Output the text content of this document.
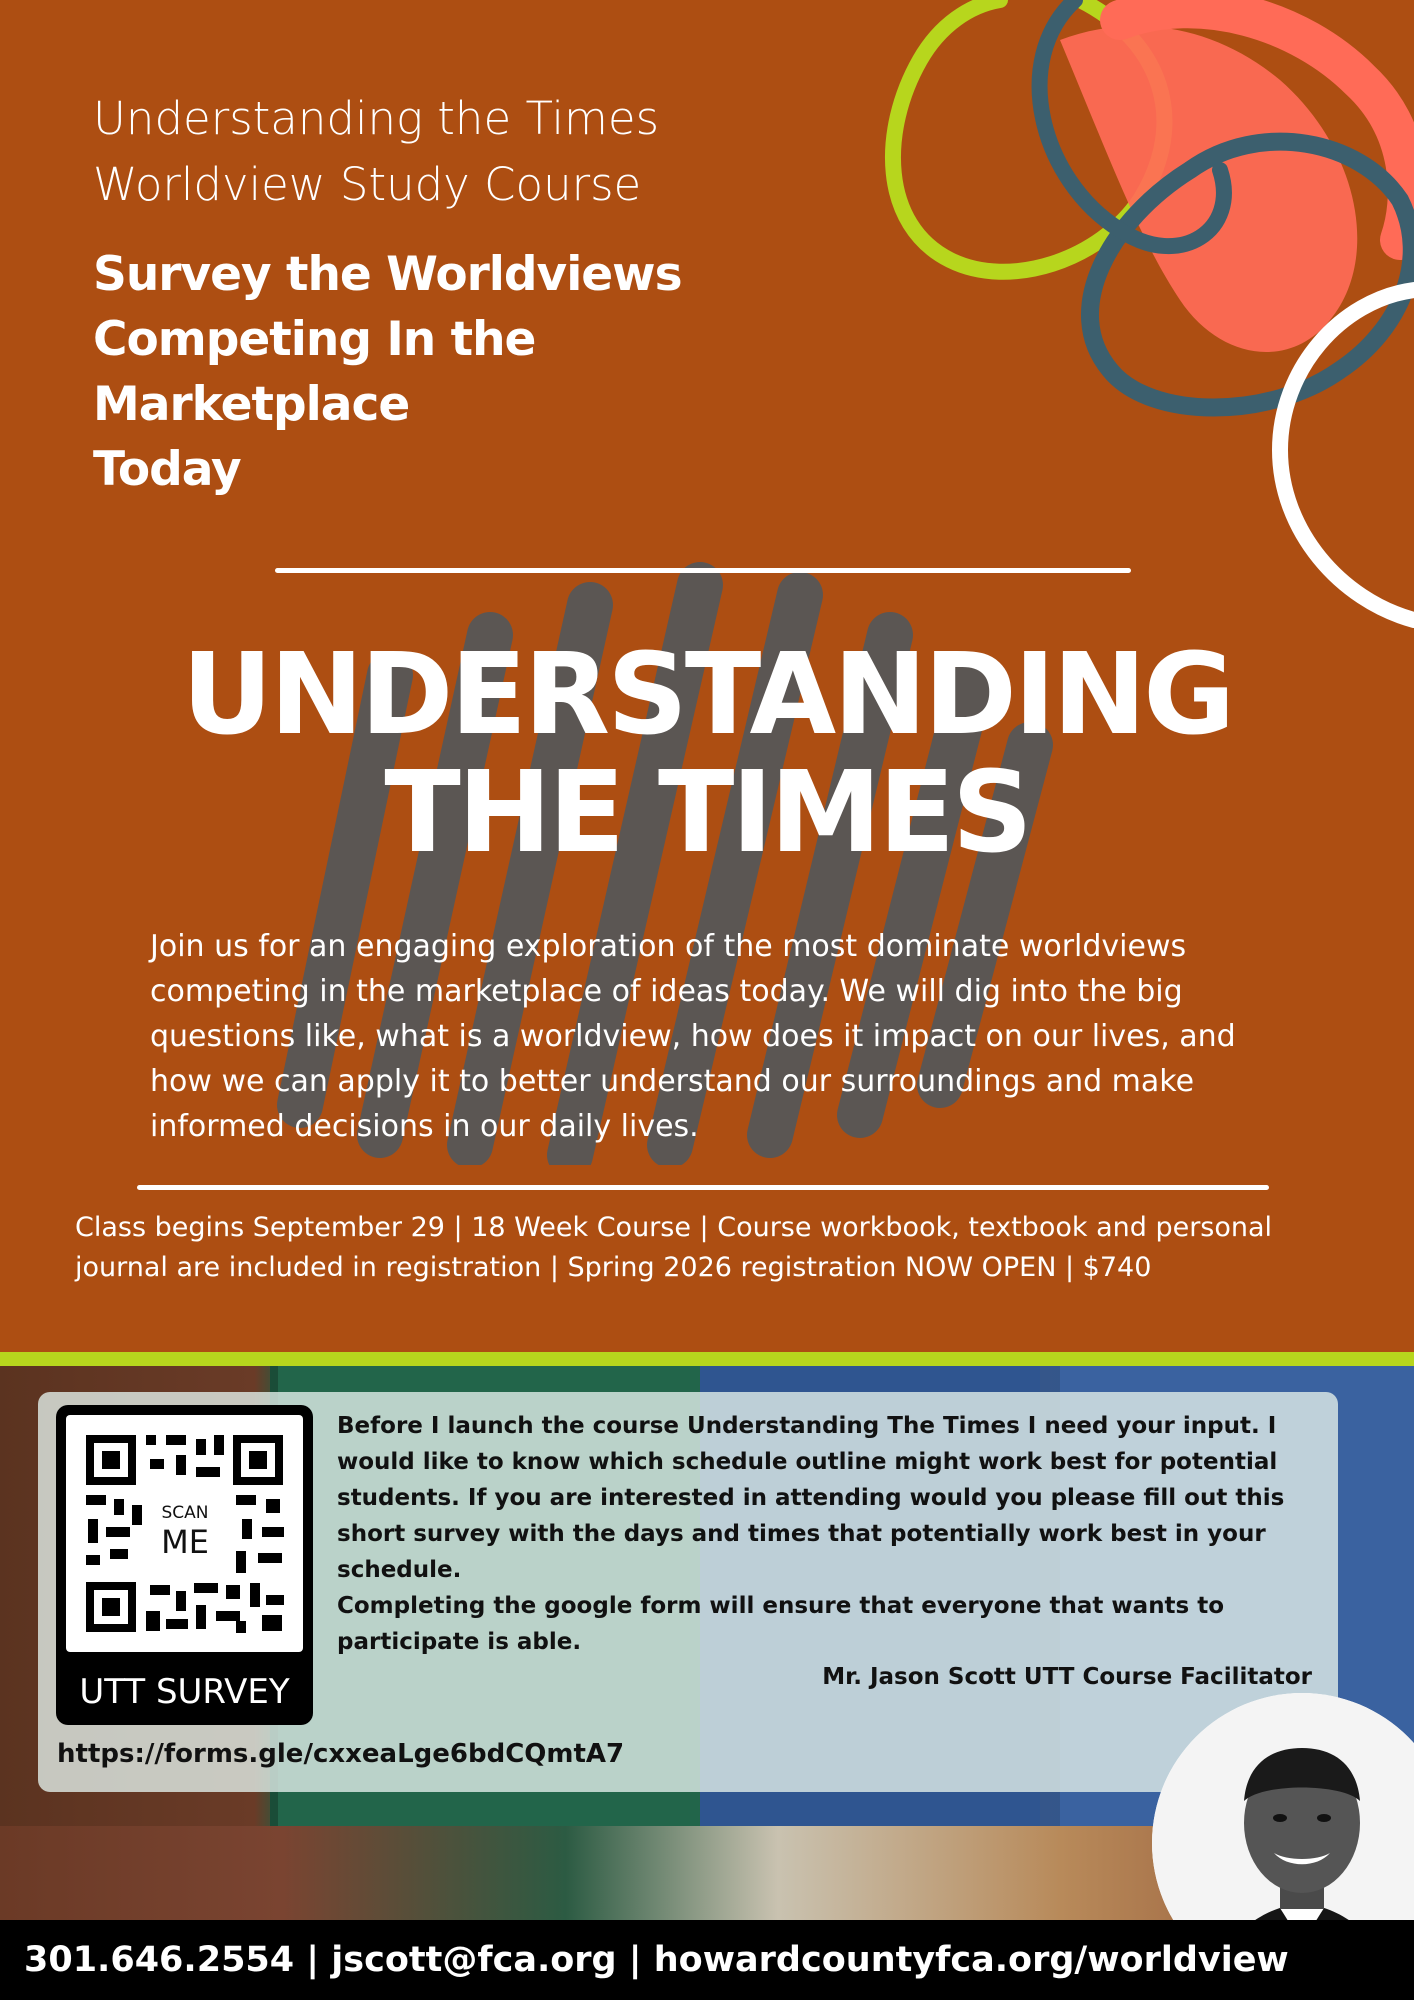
Understanding the Times
Worldview Study Course
Survey the Worldviews
Competing In the
Marketplace
Today
UNDERSTANDING
THE TIMES
Join us for an engaging exploration of the most dominate worldviews competing in the marketplace of ideas today. We will dig into the big questions like, what is a worldview, how does it impact on our lives, and how we can apply it to better understand our surroundings and make informed decisions in our daily lives.
Class begins September 29 | 18 Week Course | Course workbook, textbook and personal journal are included in registration | Spring 2026 registration NOW OPEN | $740
SCAN
ME
UTT SURVEY
Before I launch the course Understanding The Times I need your input. I would like to know which schedule outline might work best for potential students. If you are interested in attending would you please fill out this short survey with the days and times that potentially work best in your schedule.
Completing the google form will ensure that everyone that wants to participate is able.
Mr. Jason Scott UTT Course Facilitator
https://forms.gle/cxxeaLge6bdCQmtA7
301.646.2554 | jscott@fca.org | howardcountyfca.org/worldview
